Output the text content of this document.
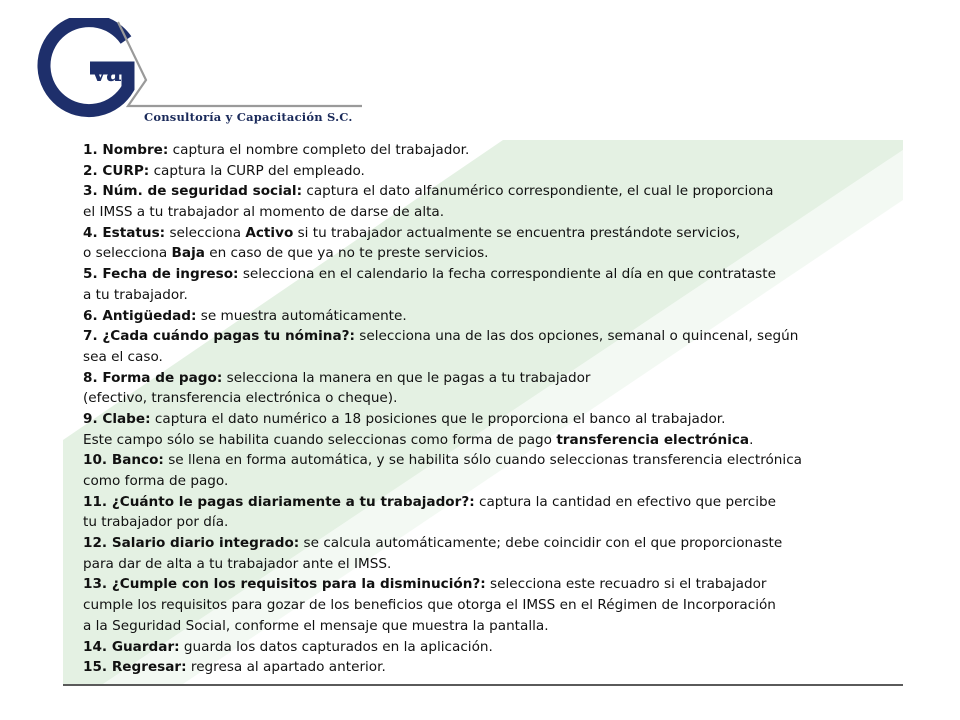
va
Consultoría y Capacitación S.C.
1. Nombre: captura el nombre completo del trabajador.
2. CURP: captura la CURP del empleado.
3. Núm. de seguridad social: captura el dato alfanumérico correspondiente, el cual le proporciona
el IMSS a tu trabajador al momento de darse de alta.
4. Estatus: selecciona Activo si tu trabajador actualmente se encuentra prestándote servicios,
o selecciona Baja en caso de que ya no te preste servicios.
5. Fecha de ingreso: selecciona en el calendario la fecha correspondiente al día en que contrataste
a tu trabajador.
6. Antigüedad: se muestra automáticamente.
7. ¿Cada cuándo pagas tu nómina?: selecciona una de las dos opciones, semanal o quincenal, según
sea el caso.
8. Forma de pago: selecciona la manera en que le pagas a tu trabajador
(efectivo, transferencia electrónica o cheque).
9. Clabe: captura el dato numérico a 18 posiciones que le proporciona el banco al trabajador.
Este campo sólo se habilita cuando seleccionas como forma de pago transferencia electrónica.
10. Banco: se llena en forma automática, y se habilita sólo cuando seleccionas transferencia electrónica
como forma de pago.
11. ¿Cuánto le pagas diariamente a tu trabajador?: captura la cantidad en efectivo que percibe
tu trabajador por día.
12. Salario diario integrado: se calcula automáticamente; debe coincidir con el que proporcionaste
para dar de alta a tu trabajador ante el IMSS.
13. ¿Cumple con los requisitos para la disminución?: selecciona este recuadro si el trabajador
cumple los requisitos para gozar de los beneficios que otorga el IMSS en el Régimen de Incorporación
a la Seguridad Social, conforme el mensaje que muestra la pantalla.
14. Guardar: guarda los datos capturados en la aplicación.
15. Regresar: regresa al apartado anterior.
